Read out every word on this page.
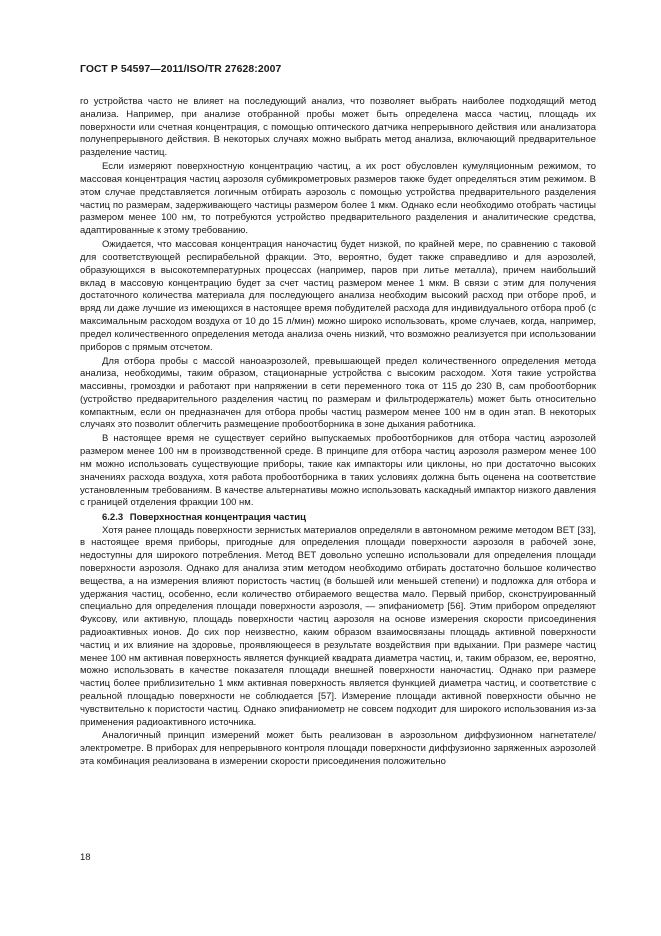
ГОСТ Р 54597—2011/ISO/TR 27628:2007

го устройства часто не влияет на последующий анализ, что позволяет выбрать наиболее подходящий метод анализа. Например, при анализе отобранной пробы может быть определена масса частиц, площадь их поверхности или счетная концентрация, с помощью оптического датчика непрерывного действия или анализатора полунепрерывного действия. В некоторых случаях можно выбрать метод анализа, включающий предварительное разделение частиц.

Если измеряют поверхностную концентрацию частиц, а их рост обусловлен кумуляционным режимом, то массовая концентрация частиц аэрозоля субмикрометровых размеров также будет определяться этим режимом. В этом случае представляется логичным отбирать аэрозоль с помощью устройства предварительного разделения частиц по размерам, задерживающего частицы размером более 1 мкм. Однако если необходимо отобрать частицы размером менее 100 нм, то потребуются устройство предварительного разделения и аналитические средства, адаптированные к этому требованию.

Ожидается, что массовая концентрация наночастиц будет низкой, по крайней мере, по сравнению с таковой для соответствующей респирабельной фракции. Это, вероятно, будет также справедливо и для аэрозолей, образующихся в высокотемпературных процессах (например, паров при литье металла), причем наибольший вклад в массовую концентрацию будет за счет частиц размером менее 1 мкм. В связи с этим для получения достаточного количества материала для последующего анализа необходим высокий расход при отборе проб, и вряд ли даже лучшие из имеющихся в настоящее время побудителей расхода для индивидуального отбора проб (с максимальным расходом воздуха от 10 до 15 л/мин) можно широко использовать, кроме случаев, когда, например, предел количественного определения метода анализа очень низкий, что возможно реализуется при использовании приборов с прямым отсчетом.

Для отбора пробы с массой наноаэрозолей, превышающей предел количественного определения метода анализа, необходимы, таким образом, стационарные устройства с высоким расходом. Хотя такие устройства массивны, громоздки и работают при напряжении в сети переменного тока от 115 до 230 В, сам пробоотборник (устройство предварительного разделения частиц по размерам и фильтродержатель) может быть относительно компактным, если он предназначен для отбора пробы частиц размером менее 100 нм в один этап. В некоторых случаях это позволит облегчить размещение пробоотборника в зоне дыхания работника.

В настоящее время не существует серийно выпускаемых пробоотборников для отбора частиц аэрозолей размером менее 100 нм в производственной среде. В принципе для отбора частиц аэрозоля размером менее 100 нм можно использовать существующие приборы, такие как импакторы или циклоны, но при достаточно высоких значениях расхода воздуха, хотя работа пробоотборника в таких условиях должна быть оценена на соответствие установленным требованиям. В качестве альтернативы можно использовать каскадный импактор низкого давления с границей отделения фракции 100 нм.

6.2.3 Поверхностная концентрация частиц

Хотя ранее площадь поверхности зернистых материалов определяли в автономном режиме методом ВЕТ [33], в настоящее время приборы, пригодные для определения площади поверхности аэрозоля в рабочей зоне, недоступны для широкого потребления. Метод ВЕТ довольно успешно использовали для определения площади поверхности аэрозоля. Однако для анализа этим методом необходимо отбирать достаточно большое количество вещества, а на измерения влияют пористость частиц (в большей или меньшей степени) и подложка для отбора и удержания частиц, особенно, если количество отбираемого вещества мало. Первый прибор, сконструированный специально для определения площади поверхности аэрозоля, — эпифаниометр [56]. Этим прибором определяют Фуксову, или активную, площадь поверхности частиц аэрозоля на основе измерения скорости присоединения радиоактивных ионов. До сих пор неизвестно, каким образом взаимосвязаны площадь активной поверхности частиц и их влияние на здоровье, проявляющееся в результате воздействия при вдыхании. При размере частиц менее 100 нм активная поверхность является функцией квадрата диаметра частиц, и, таким образом, ее, вероятно, можно использовать в качестве показателя площади внешней поверхности наночастиц. Однако при размере частиц более приблизительно 1 мкм активная поверхность является функцией диаметра частиц, и соответствие с реальной площадью поверхности не соблюдается [57]. Измерение площади активной поверхности обычно не чувствительно к пористости частиц. Однако эпифаниометр не совсем подходит для широкого использования из-за применения радиоактивного источника.

Аналогичный принцип измерений может быть реализован в аэрозольном диффузионном нагнетателе/электрометре. В приборах для непрерывного контроля площади поверхности диффузионно заряженных аэрозолей эта комбинация реализована в измерении скорости присоединения положительно

18
